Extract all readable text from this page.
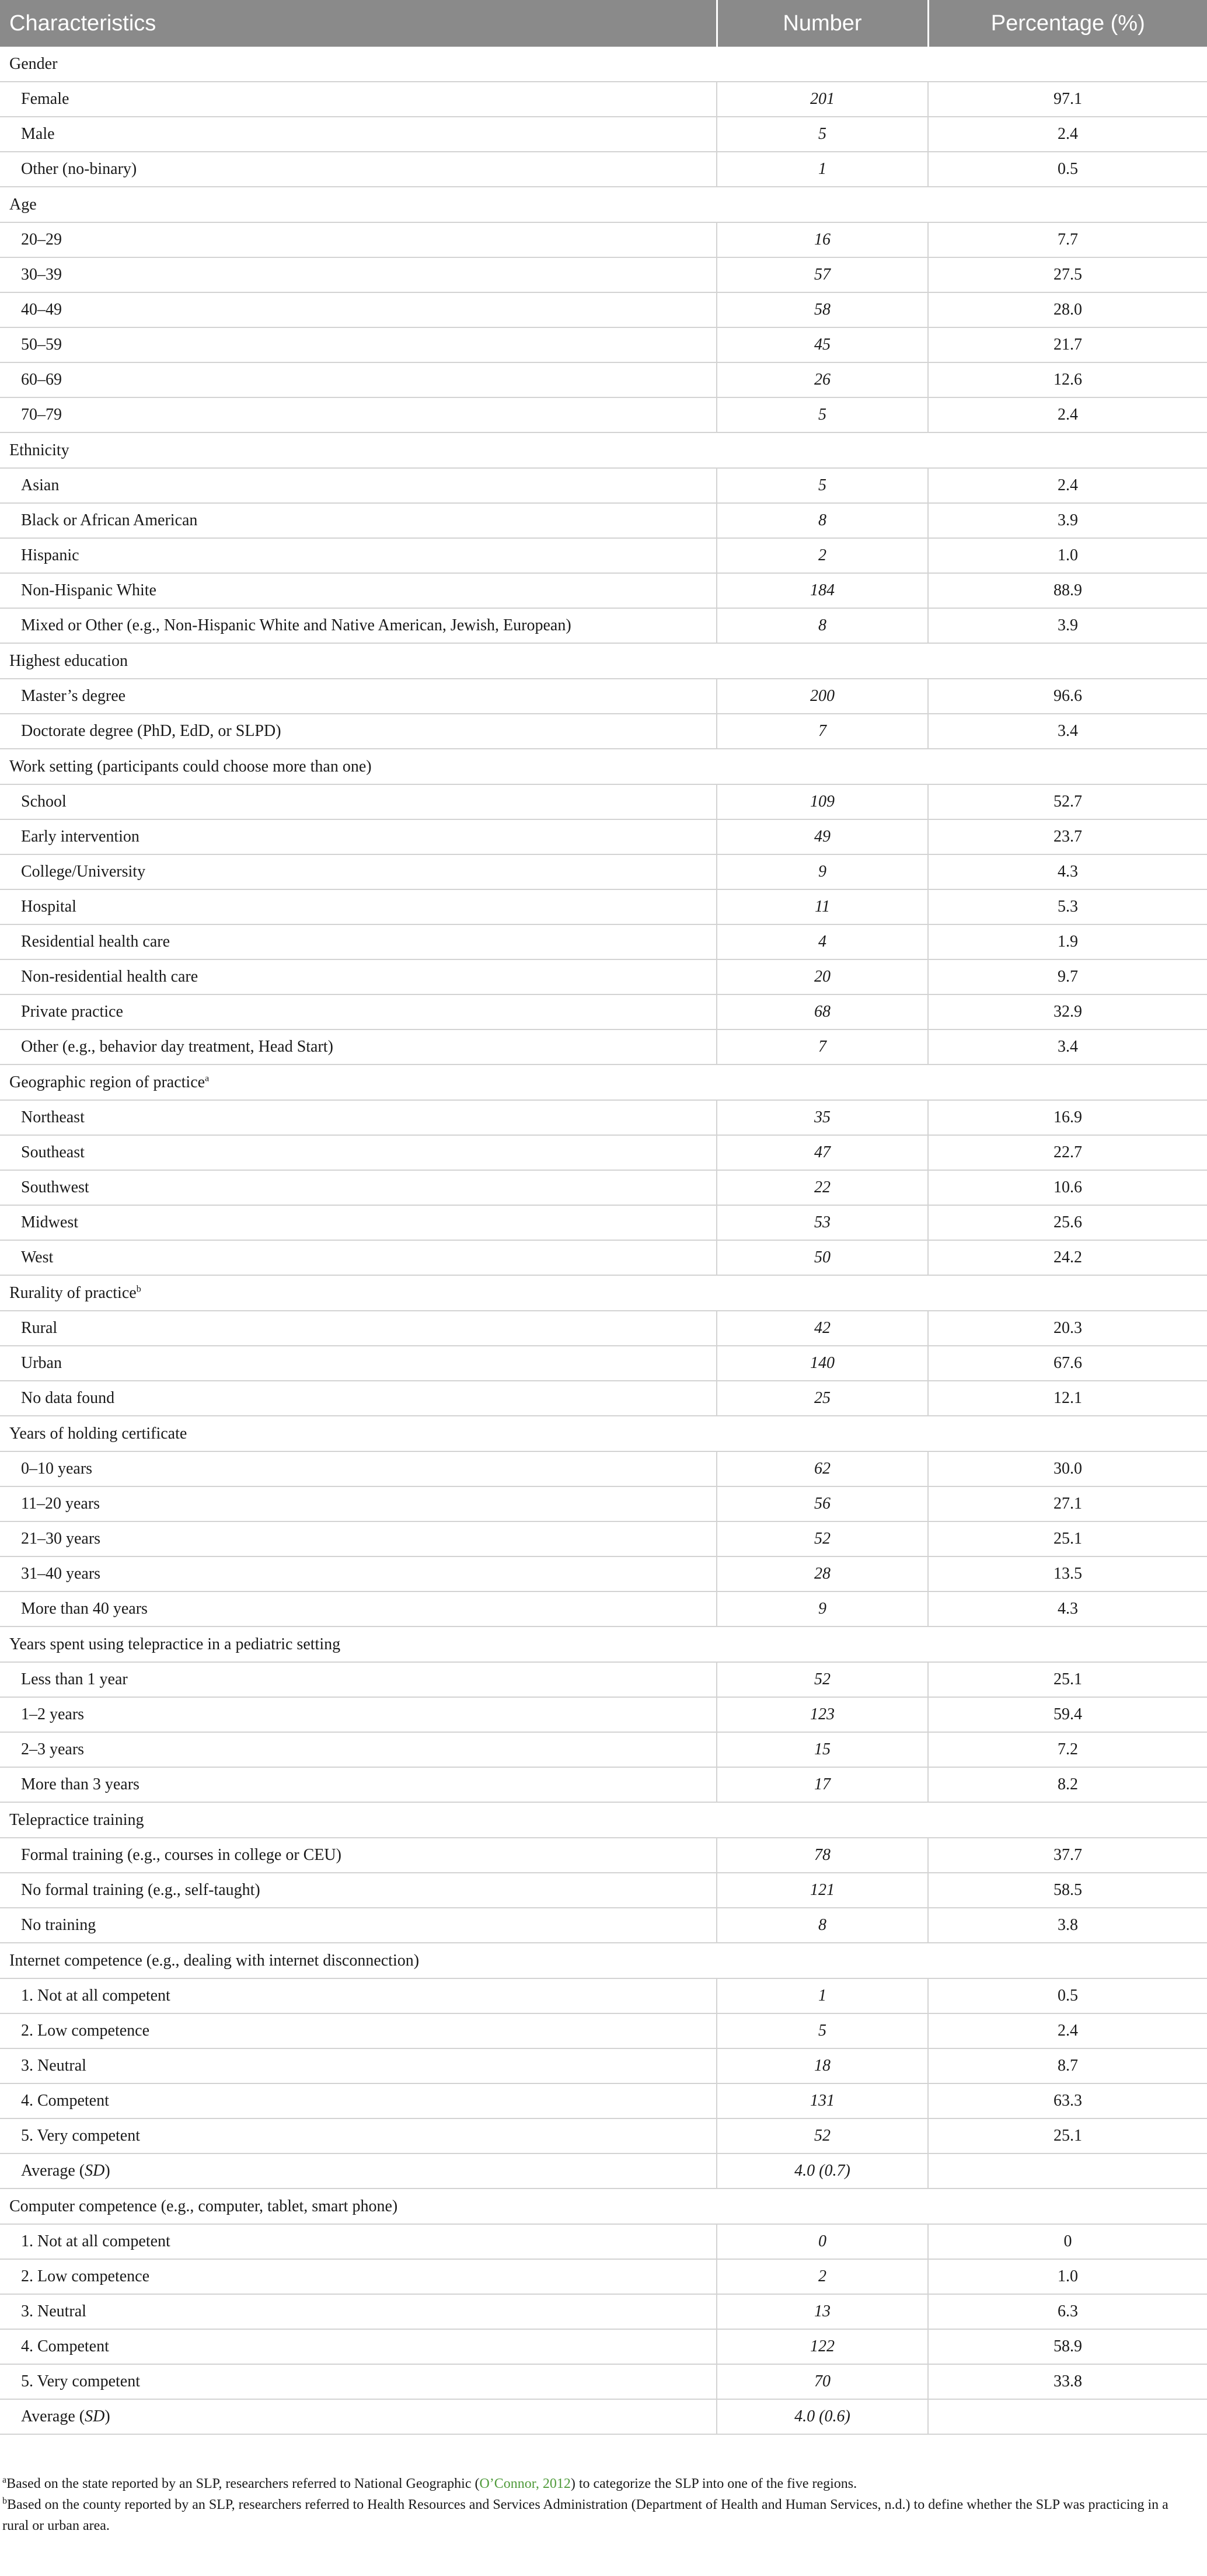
Characteristics	Number	Percentage (%)
Gender		
Female	201	97.1
Male	5	2.4
Other (no-binary)	1	0.5
Age		
20–29	16	7.7
30–39	57	27.5
40–49	58	28.0
50–59	45	21.7
60–69	26	12.6
70–79	5	2.4
Ethnicity		
Asian	5	2.4
Black or African American	8	3.9
Hispanic	2	1.0
Non-Hispanic White	184	88.9
Mixed or Other (e.g., Non-Hispanic White and Native American, Jewish, European)	8	3.9
Highest education		
Master’s degree	200	96.6
Doctorate degree (PhD, EdD, or SLPD)	7	3.4
Work setting (participants could choose more than one)		
School	109	52.7
Early intervention	49	23.7
College/University	9	4.3
Hospital	11	5.3
Residential health care	4	1.9
Non-residential health care	20	9.7
Private practice	68	32.9
Other (e.g., behavior day treatment, Head Start)	7	3.4
Geographic region of practice$^a$
Northeast	35	16.9
Southeast	47	22.7
Southwest	22	10.6
Midwest	53	25.6
West	50	24.2
Rurality of practice$^b$
Rural	42	20.3
Urban	140	67.6
No data found	25	12.1
Years of holding certificate		
0–10 years	62	30.0
11–20 years	56	27.1
21–30 years	52	25.1
31–40 years	28	13.5
More than 40 years	9	4.3
Years spent using telepractice in a pediatric setting		
Less than 1 year	52	25.1
1–2 years	123	59.4
2–3 years	15	7.2
More than 3 years	17	8.2
Telepractice training		
Formal training (e.g., courses in college or CEU)	78	37.7
No formal training (e.g., self-taught)	121	58.5
No training	8	3.8
Internet competence (e.g., dealing with internet disconnection)		
1. Not at all competent	1	0.5
2. Low competence	5	2.4
3. Neutral	18	8.7
4. Competent	131	63.3
5. Very competent	52	25.1
Average (SD)	4.0 (0.7)	
Computer competence (e.g., computer, tablet, smart phone)		
1. Not at all competent	0	0
2. Low competence	2	1.0
3. Neutral	13	6.3
4. Competent	122	58.9
5. Very competent	70	33.8
Average (SD)	4.0 (0.6)	

$^a$Based on the state reported by an SLP, researchers referred to National Geographic (O’Connor, 2012) to categorize the SLP into one of the five regions.

$^b$Based on the county reported by an SLP, researchers referred to Health Resources and Services Administration (Department of Health and Human Services, n.d.) to define whether the SLP was practicing in a rural or urban area.
